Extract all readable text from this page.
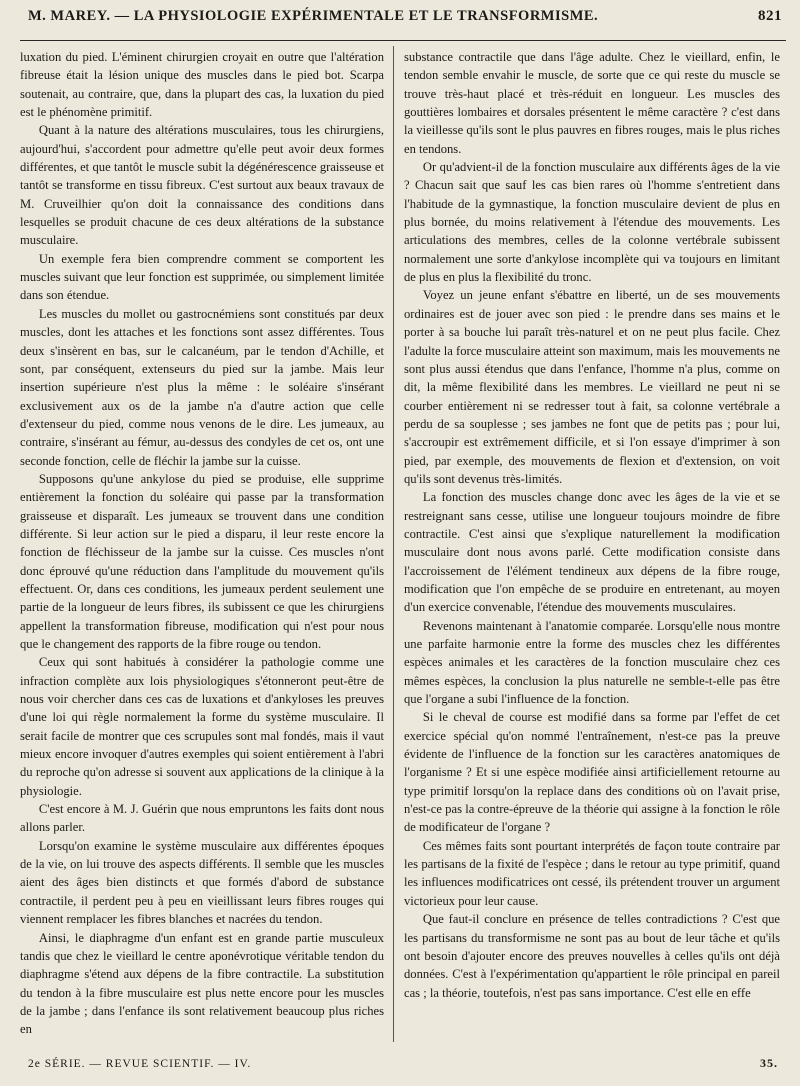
M. MAREY. — LA PHYSIOLOGIE EXPÉRIMENTALE ET LE TRANSFORMISME.	821

luxation du pied. L'éminent chirurgien croyait en outre que l'altération fibreuse était la lésion unique des muscles dans le pied bot. Scarpa soutenait, au contraire, que, dans la plupart des cas, la luxation du pied est le phénomène primitif.

Quant à la nature des altérations musculaires, tous les chirurgiens, aujourd'hui, s'accordent pour admettre qu'elle peut avoir deux formes différentes, et que tantôt le muscle subit la dégénérescence graisseuse et tantôt se transforme en tissu fibreux. C'est surtout aux beaux travaux de M. Cruveilhier qu'on doit la connaissance des conditions dans lesquelles se produit chacune de ces deux altérations de la substance musculaire.

Un exemple fera bien comprendre comment se comportent les muscles suivant que leur fonction est supprimée, ou simplement limitée dans son étendue.

Les muscles du mollet ou gastrocnémiens sont constitués par deux muscles, dont les attaches et les fonctions sont assez différentes. Tous deux s'insèrent en bas, sur le calcanéum, par le tendon d'Achille, et sont, par conséquent, extenseurs du pied sur la jambe. Mais leur insertion supérieure n'est plus la même : le soléaire s'insérant exclusivement aux os de la jambe n'a d'autre action que celle d'extenseur du pied, comme nous venons de le dire. Les jumeaux, au contraire, s'insérant au fémur, au-dessus des condyles de cet os, ont une seconde fonction, celle de fléchir la jambe sur la cuisse.

Supposons qu'une ankylose du pied se produise, elle supprime entièrement la fonction du soléaire qui passe par la transformation graisseuse et disparaît. Les jumeaux se trouvent dans une condition différente. Si leur action sur le pied a disparu, il leur reste encore la fonction de fléchisseur de la jambe sur la cuisse. Ces muscles n'ont donc éprouvé qu'une réduction dans l'amplitude du mouvement qu'ils effectuent. Or, dans ces conditions, les jumeaux perdent seulement une partie de la longueur de leurs fibres, ils subissent ce que les chirurgiens appellent la transformation fibreuse, modification qui n'est pour nous que le changement des rapports de la fibre rouge ou tendon.

Ceux qui sont habitués à considérer la pathologie comme une infraction complète aux lois physiologiques s'étonneront peut-être de nous voir chercher dans ces cas de luxations et d'ankyloses les preuves d'une loi qui règle normalement la forme du système musculaire. Il serait facile de montrer que ces scrupules sont mal fondés, mais il vaut mieux encore invoquer d'autres exemples qui soient entièrement à l'abri du reproche qu'on adresse si souvent aux applications de la clinique à la physiologie.

C'est encore à M. J. Guérin que nous empruntons les faits dont nous allons parler.

Lorsqu'on examine le système musculaire aux différentes époques de la vie, on lui trouve des aspects différents. Il semble que les muscles aient des âges bien distincts et que formés d'abord de substance contractile, il perdent peu à peu en vieillissant leurs fibres rouges qui viennent remplacer les fibres blanches et nacrées du tendon.

Ainsi, le diaphragme d'un enfant est en grande partie musculeux tandis que chez le vieillard le centre aponévrotique véritable tendon du diaphragme s'étend aux dépens de la fibre contractile. La substitution du tendon à la fibre musculaire est plus nette encore pour les muscles de la jambe ; dans l'enfance ils sont relativement beaucoup plus riches en

substance contractile que dans l'âge adulte. Chez le vieillard, enfin, le tendon semble envahir le muscle, de sorte que ce qui reste du muscle se trouve très-haut placé et très-réduit en longueur. Les muscles des gouttières lombaires et dorsales présentent le même caractère ? c'est dans la vieillesse qu'ils sont le plus pauvres en fibres rouges, mais le plus riches en tendons.

Or qu'advient-il de la fonction musculaire aux différents âges de la vie ? Chacun sait que sauf les cas bien rares où l'homme s'entretient dans l'habitude de la gymnastique, la fonction musculaire devient de plus en plus bornée, du moins relativement à l'étendue des mouvements. Les articulations des membres, celles de la colonne vertébrale subissent normalement une sorte d'ankylose incomplète qui va toujours en limitant de plus en plus la flexibilité du tronc.

Voyez un jeune enfant s'ébattre en liberté, un de ses mouvements ordinaires est de jouer avec son pied : le prendre dans ses mains et le porter à sa bouche lui paraît très-naturel et on ne peut plus facile. Chez l'adulte la force musculaire atteint son maximum, mais les mouvements ne sont plus aussi étendus que dans l'enfance, l'homme n'a plus, comme on dit, la même flexibilité dans les membres. Le vieillard ne peut ni se courber entièrement ni se redresser tout à fait, sa colonne vertébrale a perdu de sa souplesse ; ses jambes ne font que de petits pas ; pour lui, s'accroupir est extrêmement difficile, et si l'on essaye d'imprimer à son pied, par exemple, des mouvements de flexion et d'extension, on voit qu'ils sont devenus très-limités.

La fonction des muscles change donc avec les âges de la vie et se restreignant sans cesse, utilise une longueur toujours moindre de fibre contractile. C'est ainsi que s'explique naturellement la modification musculaire dont nous avons parlé. Cette modification consiste dans l'accroissement de l'élément tendineux aux dépens de la fibre rouge, modification que l'on empêche de se produire en entretenant, au moyen d'un exercice convenable, l'étendue des mouvements musculaires.

Revenons maintenant à l'anatomie comparée. Lorsqu'elle nous montre une parfaite harmonie entre la forme des muscles chez les différentes espèces animales et les caractères de la fonction musculaire chez ces mêmes espèces, la conclusion la plus naturelle ne semble-t-elle pas être que l'organe a subi l'influence de la fonction.

Si le cheval de course est modifié dans sa forme par l'effet de cet exercice spécial qu'on nommé l'entraînement, n'est-ce pas la preuve évidente de l'influence de la fonction sur les caractères anatomiques de l'organisme ? Et si une espèce modifiée ainsi artificiellement retourne au type primitif lorsqu'on la replace dans des conditions où on l'avait prise, n'est-ce pas la contre-épreuve de la théorie qui assigne à la fonction le rôle de modificateur de l'organe ?

Ces mêmes faits sont pourtant interprétés de façon toute contraire par les partisans de la fixité de l'espèce ; dans le retour au type primitif, quand les influences modificatrices ont cessé, ils prétendent trouver un argument victorieux pour leur cause.

Que faut-il conclure en présence de telles contradictions ? C'est que les partisans du transformisme ne sont pas au bout de leur tâche et qu'ils ont besoin d'ajouter encore des preuves nouvelles à celles qu'ils ont déjà données. C'est à l'expérimentation qu'appartient le rôle principal en pareil cas ; la théorie, toutefois, n'est pas sans importance. C'est elle en effe

2e SÉRIE. — REVUE SCIENTIF. — IV.	35.
